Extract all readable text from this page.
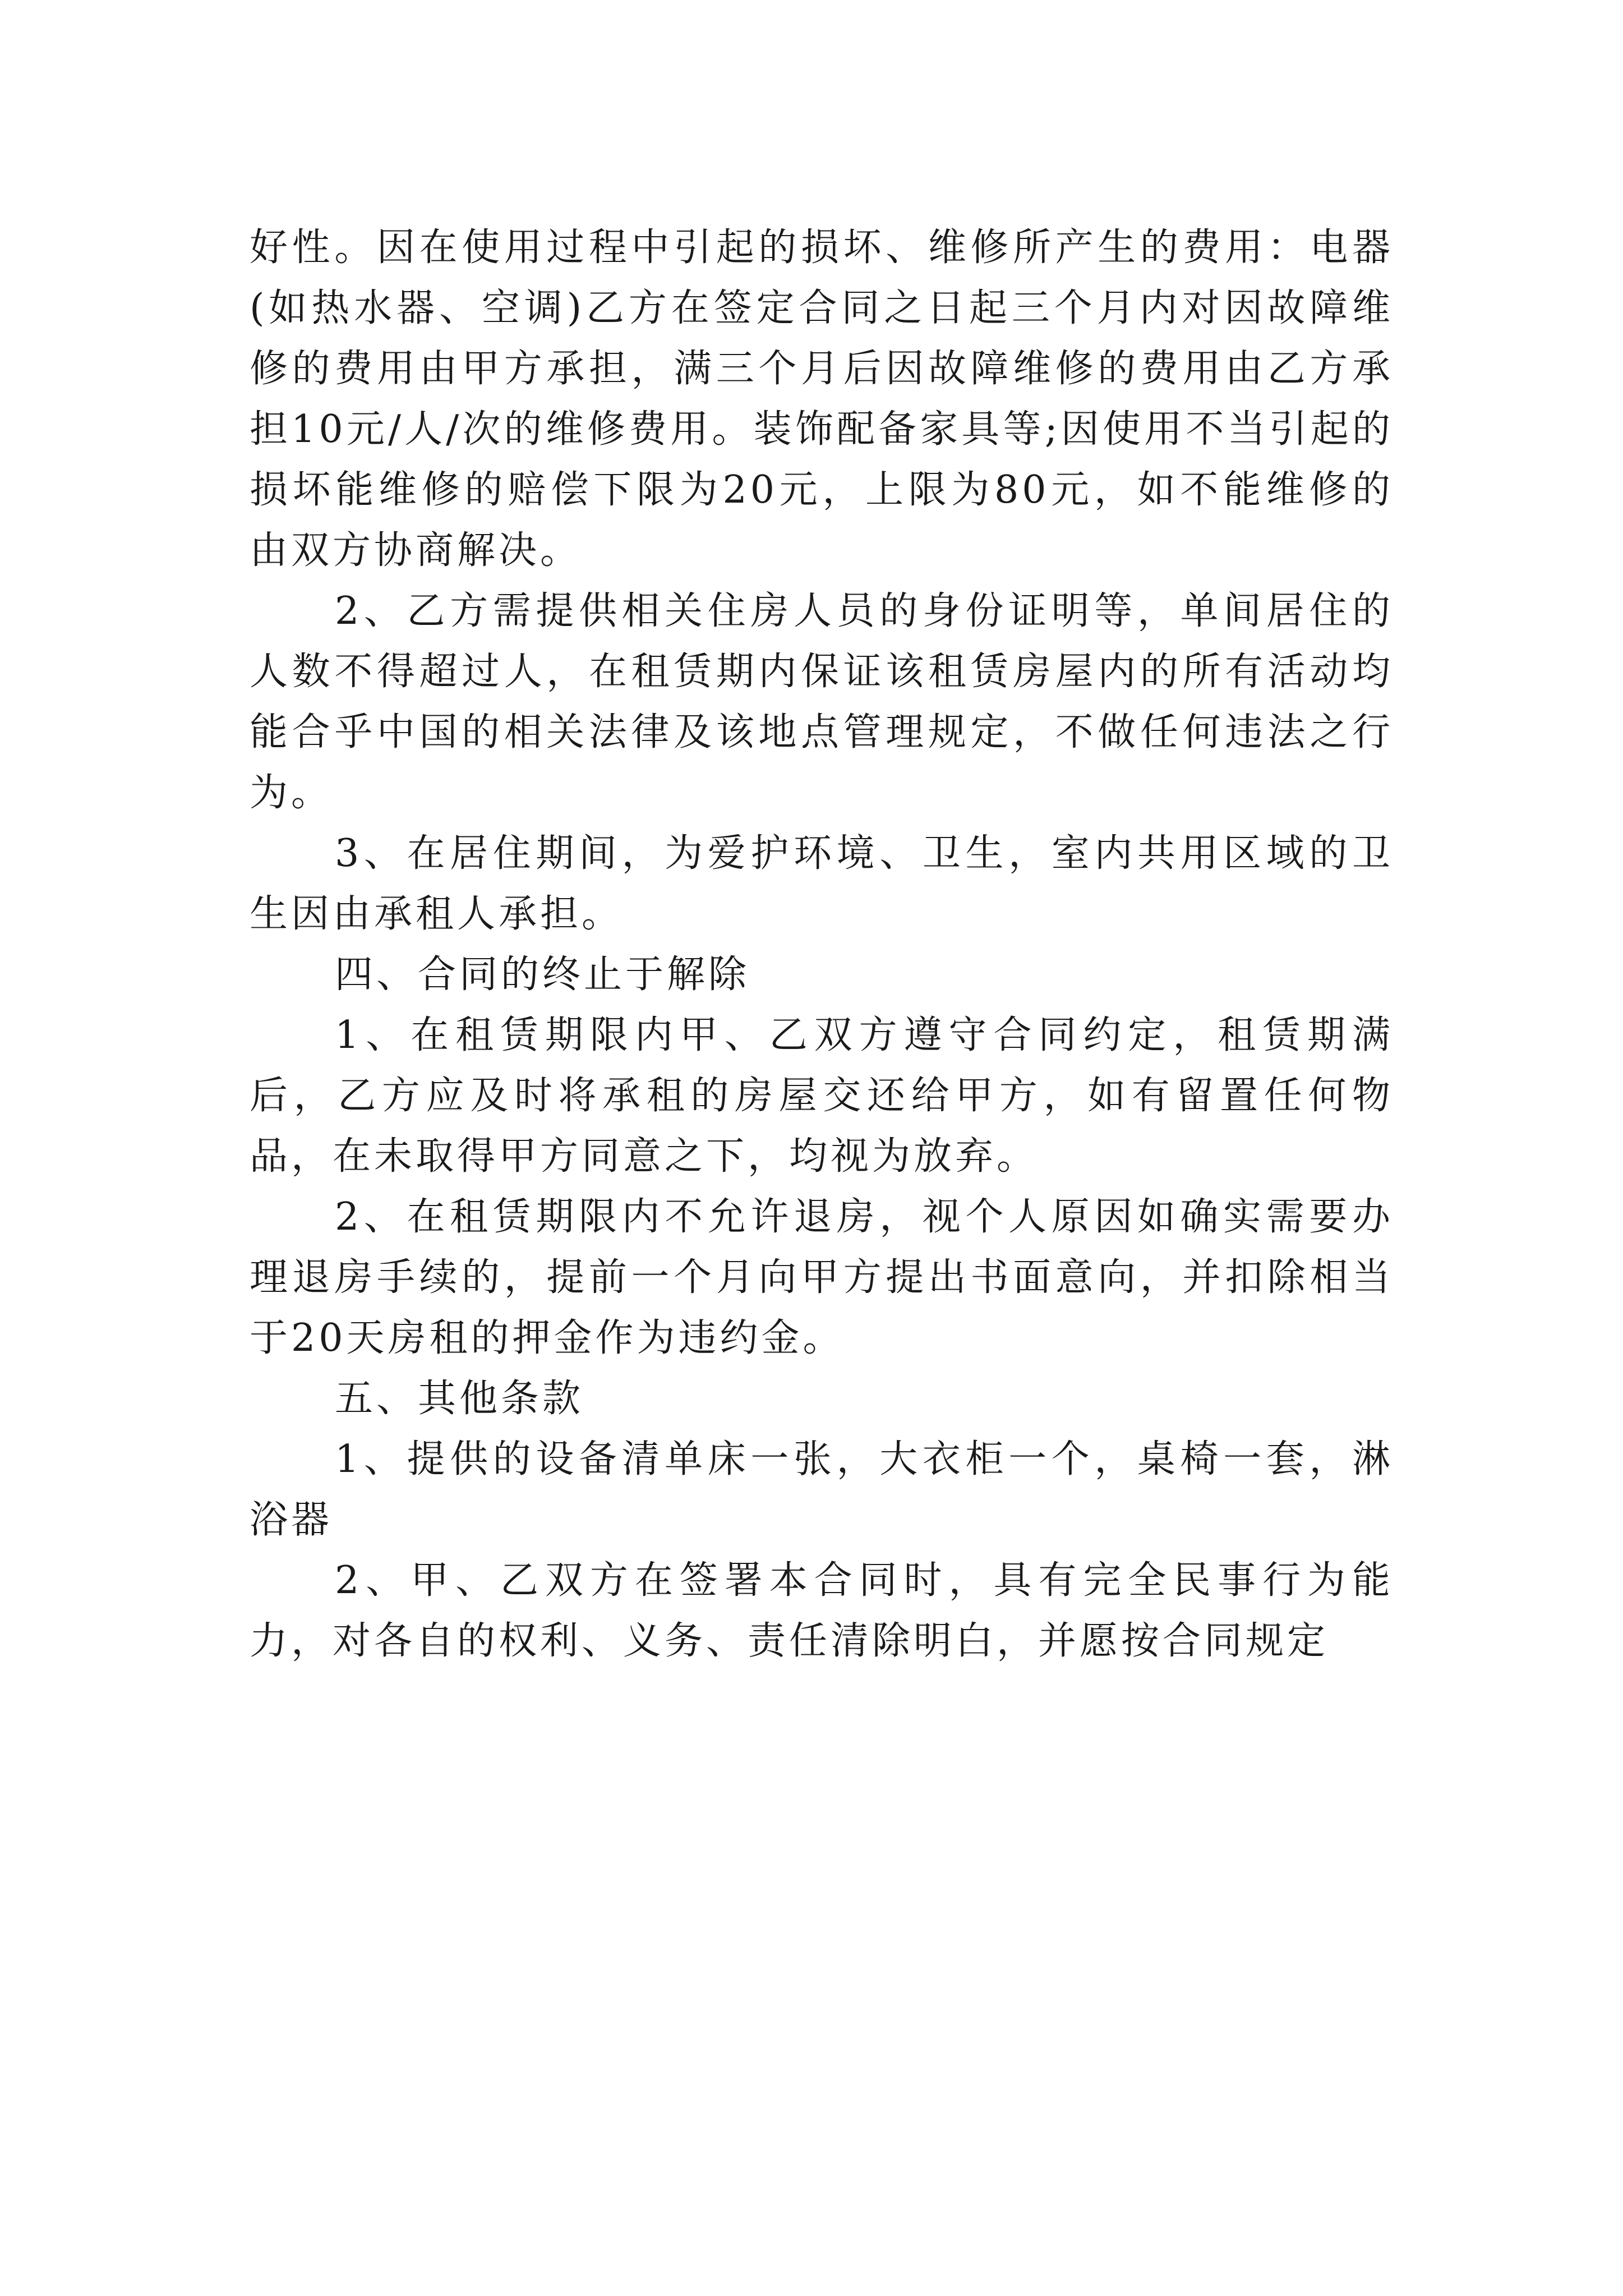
好性。因在使用过程中引起的损坏、维修所产生的费用：电器(如热水器、空调)乙方在签定合同之日起三个月内对因故障维修的费用由甲方承担，满三个月后因故障维修的费用由乙方承担10元/人/次的维修费用。装饰配备家具等;因使用不当引起的损坏能维修的赔偿下限为20元，上限为80元，如不能维修的由双方协商解决。

2、乙方需提供相关住房人员的身份证明等，单间居住的人数不得超过人，在租赁期内保证该租赁房屋内的所有活动均能合乎中国的相关法律及该地点管理规定，不做任何违法之行为。

3、在居住期间，为爱护环境、卫生，室内共用区域的卫生因由承租人承担。

四、合同的终止于解除

1、在租赁期限内甲、乙双方遵守合同约定，租赁期满后，乙方应及时将承租的房屋交还给甲方，如有留置任何物品，在未取得甲方同意之下，均视为放弃。

2、在租赁期限内不允许退房，视个人原因如确实需要办理退房手续的，提前一个月向甲方提出书面意向，并扣除相当于20天房租的押金作为违约金。

五、其他条款

1、提供的设备清单床一张，大衣柜一个，桌椅一套，淋浴器

2、甲、乙双方在签署本合同时，具有完全民事行为能力，对各自的权利、义务、责任清除明白，并愿按合同规定
